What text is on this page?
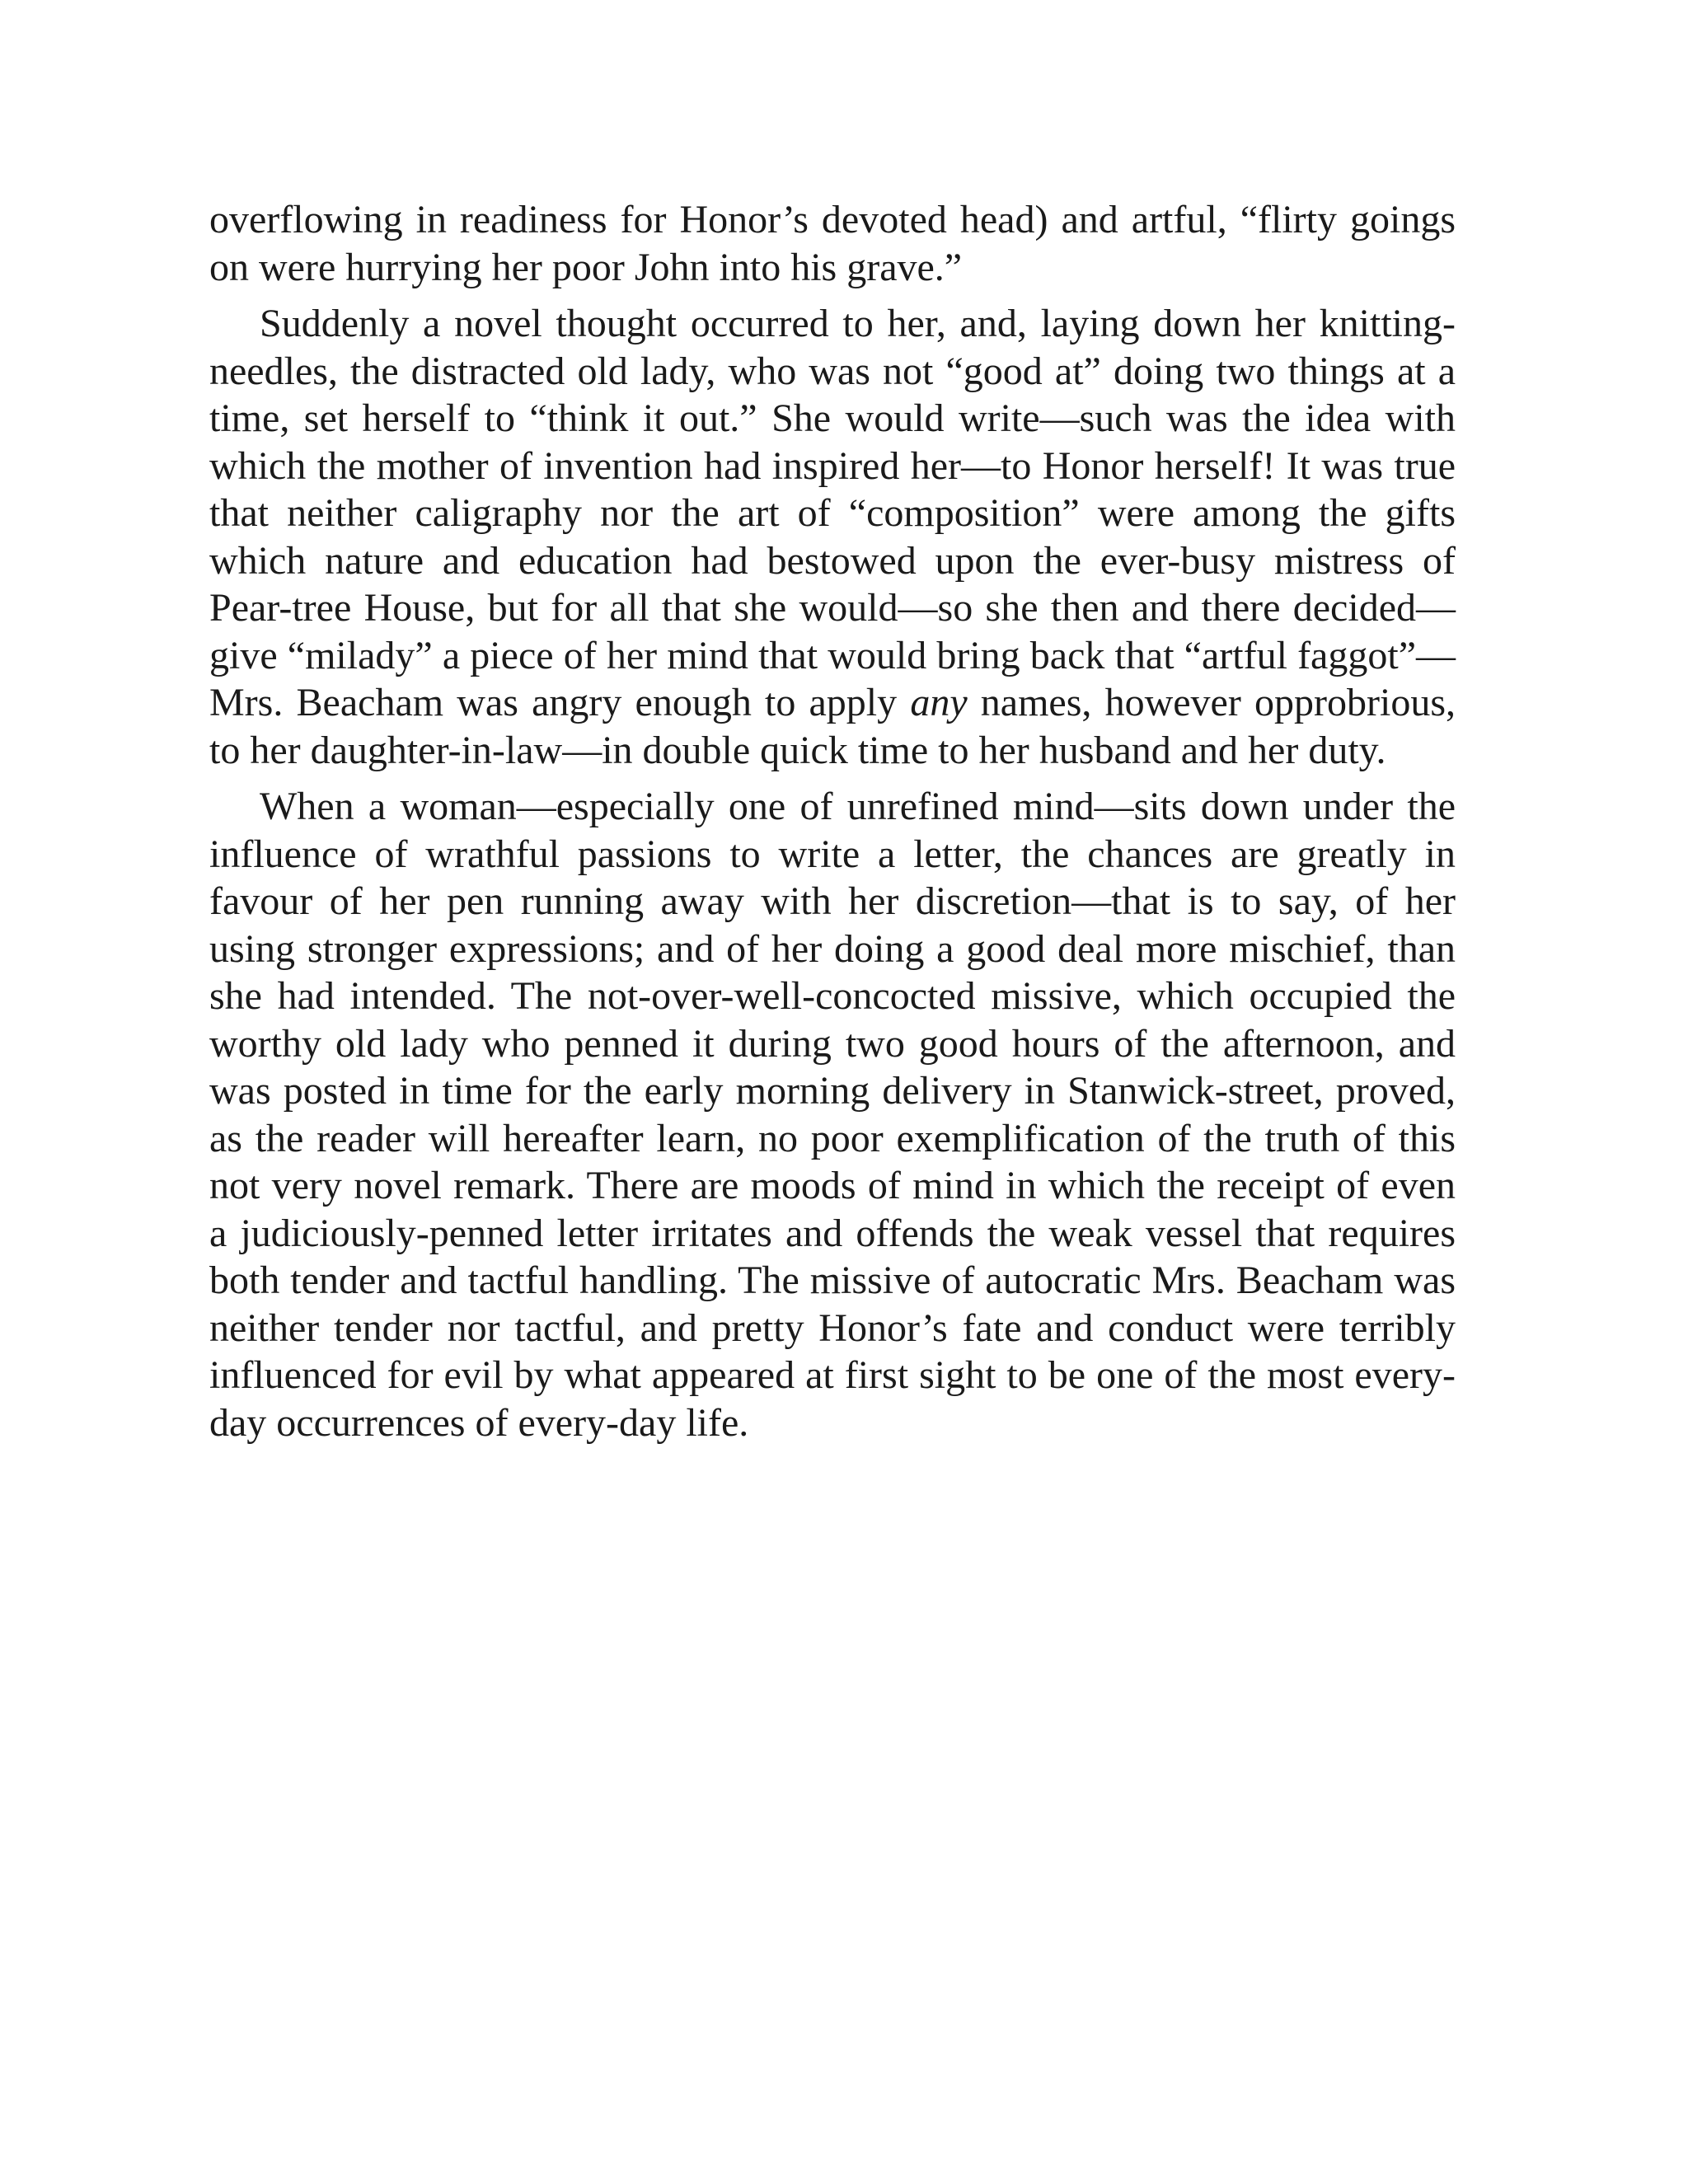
overflowing in readiness for Honor’s devoted head) and artful, “flirty goings on were hurrying her poor John into his grave.”

Suddenly a novel thought occurred to her, and, laying down her knitting-needles, the distracted old lady, who was not “good at” doing two things at a time, set herself to “think it out.” She would write—such was the idea with which the mother of invention had inspired her—to Honor herself! It was true that neither caligraphy nor the art of “composition” were among the gifts which nature and education had bestowed upon the ever-busy mistress of Pear-tree House, but for all that she would—so she then and there decided—give “milady” a piece of her mind that would bring back that “artful faggot”—Mrs. Beacham was angry enough to apply any names, however opprobrious, to her daughter-in-law—in double quick time to her husband and her duty.

When a woman—especially one of unrefined mind—sits down under the influence of wrathful passions to write a letter, the chances are greatly in favour of her pen running away with her discretion—that is to say, of her using stronger expressions; and of her doing a good deal more mischief, than she had intended. The not-over-well-concocted missive, which occupied the worthy old lady who penned it during two good hours of the afternoon, and was posted in time for the early morning delivery in Stanwick-street, proved, as the reader will hereafter learn, no poor exemplification of the truth of this not very novel remark. There are moods of mind in which the receipt of even a judiciously-penned letter irritates and offends the weak vessel that requires both tender and tactful handling. The missive of autocratic Mrs. Beacham was neither tender nor tactful, and pretty Honor’s fate and conduct were terribly influenced for evil by what appeared at first sight to be one of the most every-day occurrences of every-day life.
